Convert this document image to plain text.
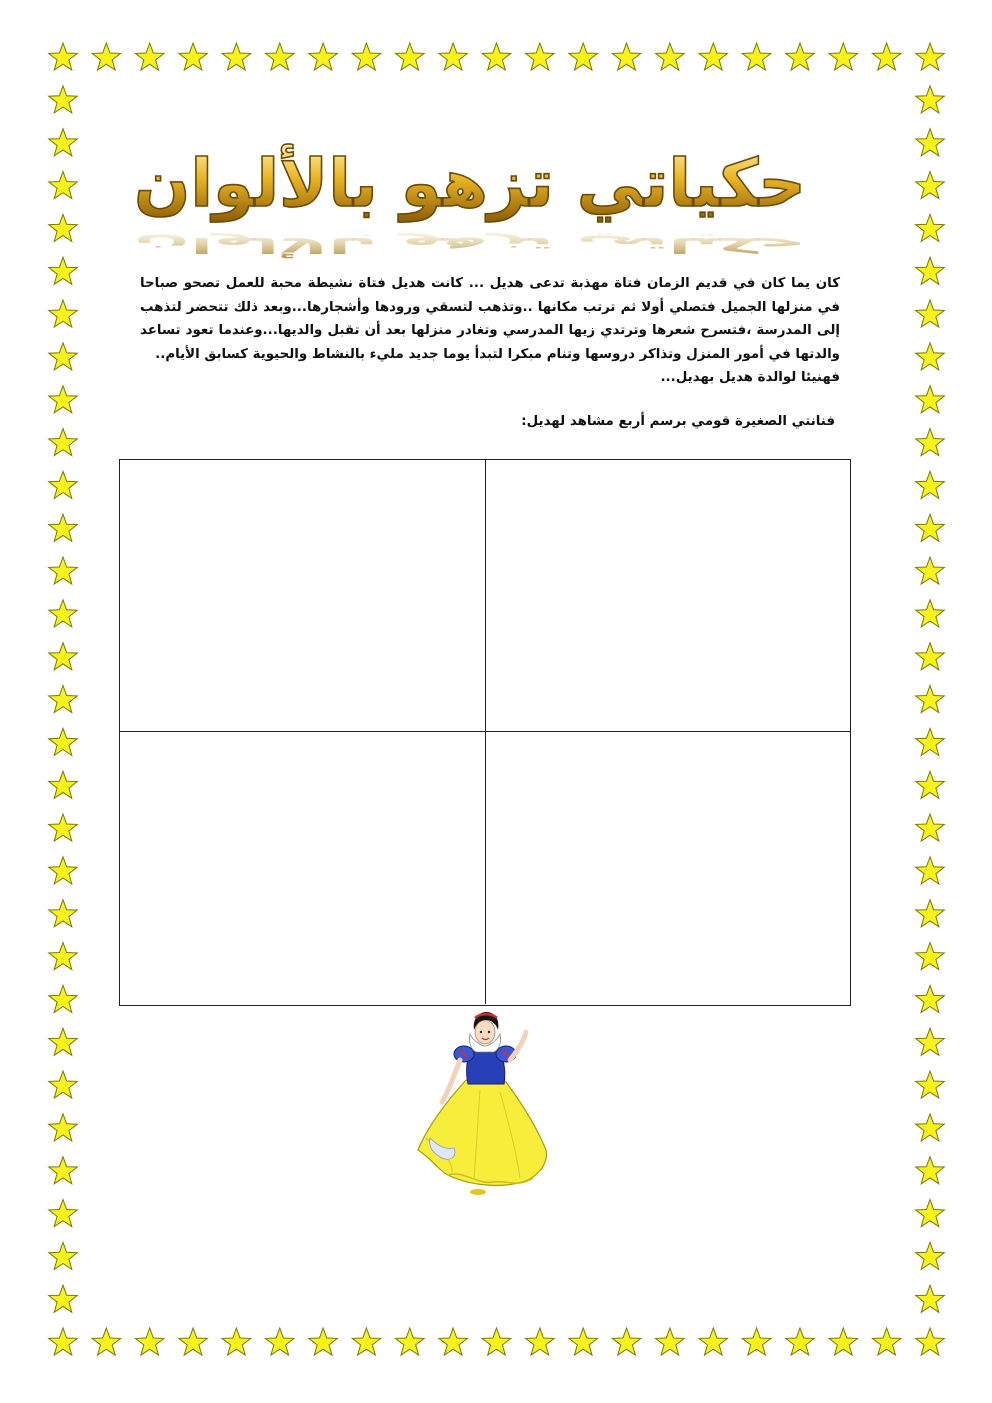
حكياتي تزهو بالألوان
حكياتي تزهو بالألوان
كان يما كان في قديم الزمان فتاة مهذبة تدعى هديل ... كانت هديل فتاة نشيطة محبة للعمل تصحو صباحا في منزلها الجميل فتصلي أولا ثم ترتب مكانها ..وتذهب لتسقي ورودها وأشجارها...وبعد ذلك تتحضر لتذهب إلى المدرسة ،فتسرح شعرها وترتدي زيها المدرسي وتغادر منزلها بعد أن تقبل والديها...وعندما تعود تساعد والدتها في أمور المنزل وتذاكر دروسها وتنام مبكرا لتبدأ يوما جديد مليء بالنشاط والحيوية كسابق الأيام..
فهنيئا لوالدة هديل بهديل...

فنانتي الصغيرة قومي برسم أربع مشاهد لهديل:
